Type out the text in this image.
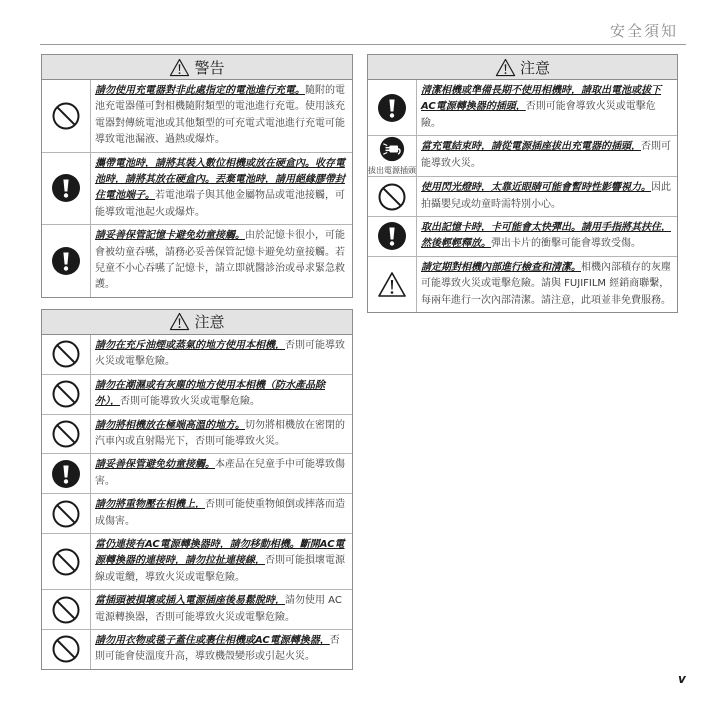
安全須知
警告
請勿使用充電器對非此處指定的電池進行充電。隨附的電池充電器僅可對相機隨附類型的電池進行充電。使用該充電器對傳統電池或其他類型的可充電式電池進行充電可能導致電池漏液、過熱或爆炸。
攜帶電池時，請將其裝入數位相機或放在硬盒內。收存電池時，請將其放在硬盒內。丟棄電池時，請用絕緣膠帶封住電池端子。若電池端子與其他金屬物品或電池接觸，可能導致電池起火或爆炸。
請妥善保管記憶卡避免幼童接觸。由於記憶卡很小，可能會被幼童吞嚥，請務必妥善保管記憶卡避免幼童接觸。若兒童不小心吞嚥了記憶卡，請立即就醫診治或尋求緊急救護。
注意
請勿在充斥油煙或蒸氣的地方使用本相機，否則可能導致火災或電擊危險。
請勿在潮濕或有灰塵的地方使用本相機（防水產品除外），否則可能導致火災或電擊危險。
請勿將相機放在極端高溫的地方。切勿將相機放在密閉的汽車內或直射陽光下，否則可能導致火災。
請妥善保管避免幼童接觸。本產品在兒童手中可能導致傷害。
請勿將重物壓在相機上，否則可能使重物傾倒或摔落而造成傷害。
當仍連接有AC電源轉換器時，請勿移動相機。斷開AC電源轉換器的連接時，請勿拉扯連接線，否則可能損壞電源線或電纜，導致火災或電擊危險。
當插頭被損壞或插入電源插座後易鬆脫時，請勿使用 AC 電源轉換器，否則可能導致火災或電擊危險。
請勿用衣物或毯子蓋住或裹住相機或AC電源轉換器，否則可能會使溫度升高，導致機殼變形或引起火災。
注意
清潔相機或準備長期不使用相機時，請取出電池或拔下AC電源轉換器的插頭，否則可能會導致火災或電擊危險。
拔出電源插頭
當充電結束時，請從電源插座拔出充電器的插頭，否則可能導致火災。
使用閃光燈時，太靠近眼睛可能會暫時性影響視力。因此拍攝嬰兒或幼童時需特別小心。
取出記憶卡時，卡可能會太快彈出。請用手指將其扶住，然後輕輕釋放。彈出卡片的衝擊可能會導致受傷。
請定期對相機內部進行檢查和清潔。相機內部積存的灰塵可能導致火災或電擊危險。請與 FUJIFILM 經銷商聯繫，每兩年進行一次內部清潔。請注意，此項並非免費服務。
v
